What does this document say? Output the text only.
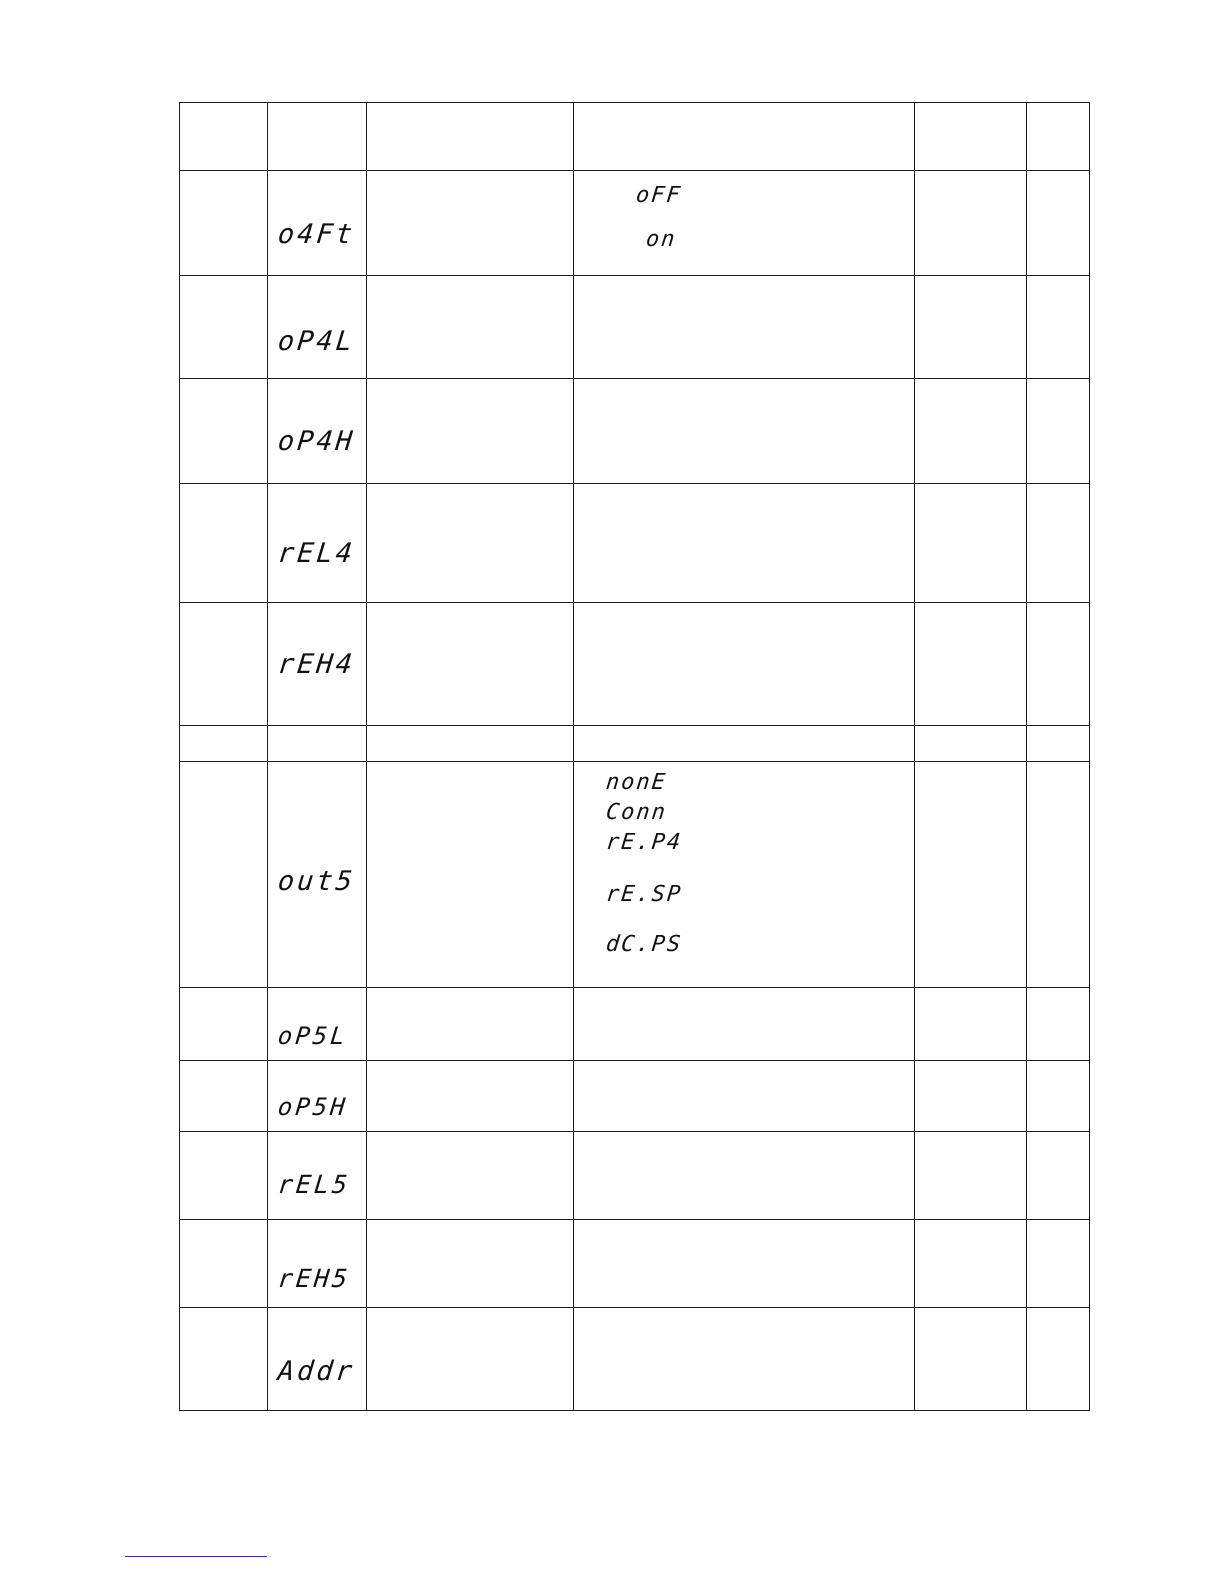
	o4Ft		oFF
on		

	oP4L				

	oP4H				

	rEL4				

	rEH4				

	out5		nonE
Conn
rE.P4
rE.SP
dC.PS		

	oP5L				

	oP5H				

	rEL5				

	rEH5				

	Addr				
